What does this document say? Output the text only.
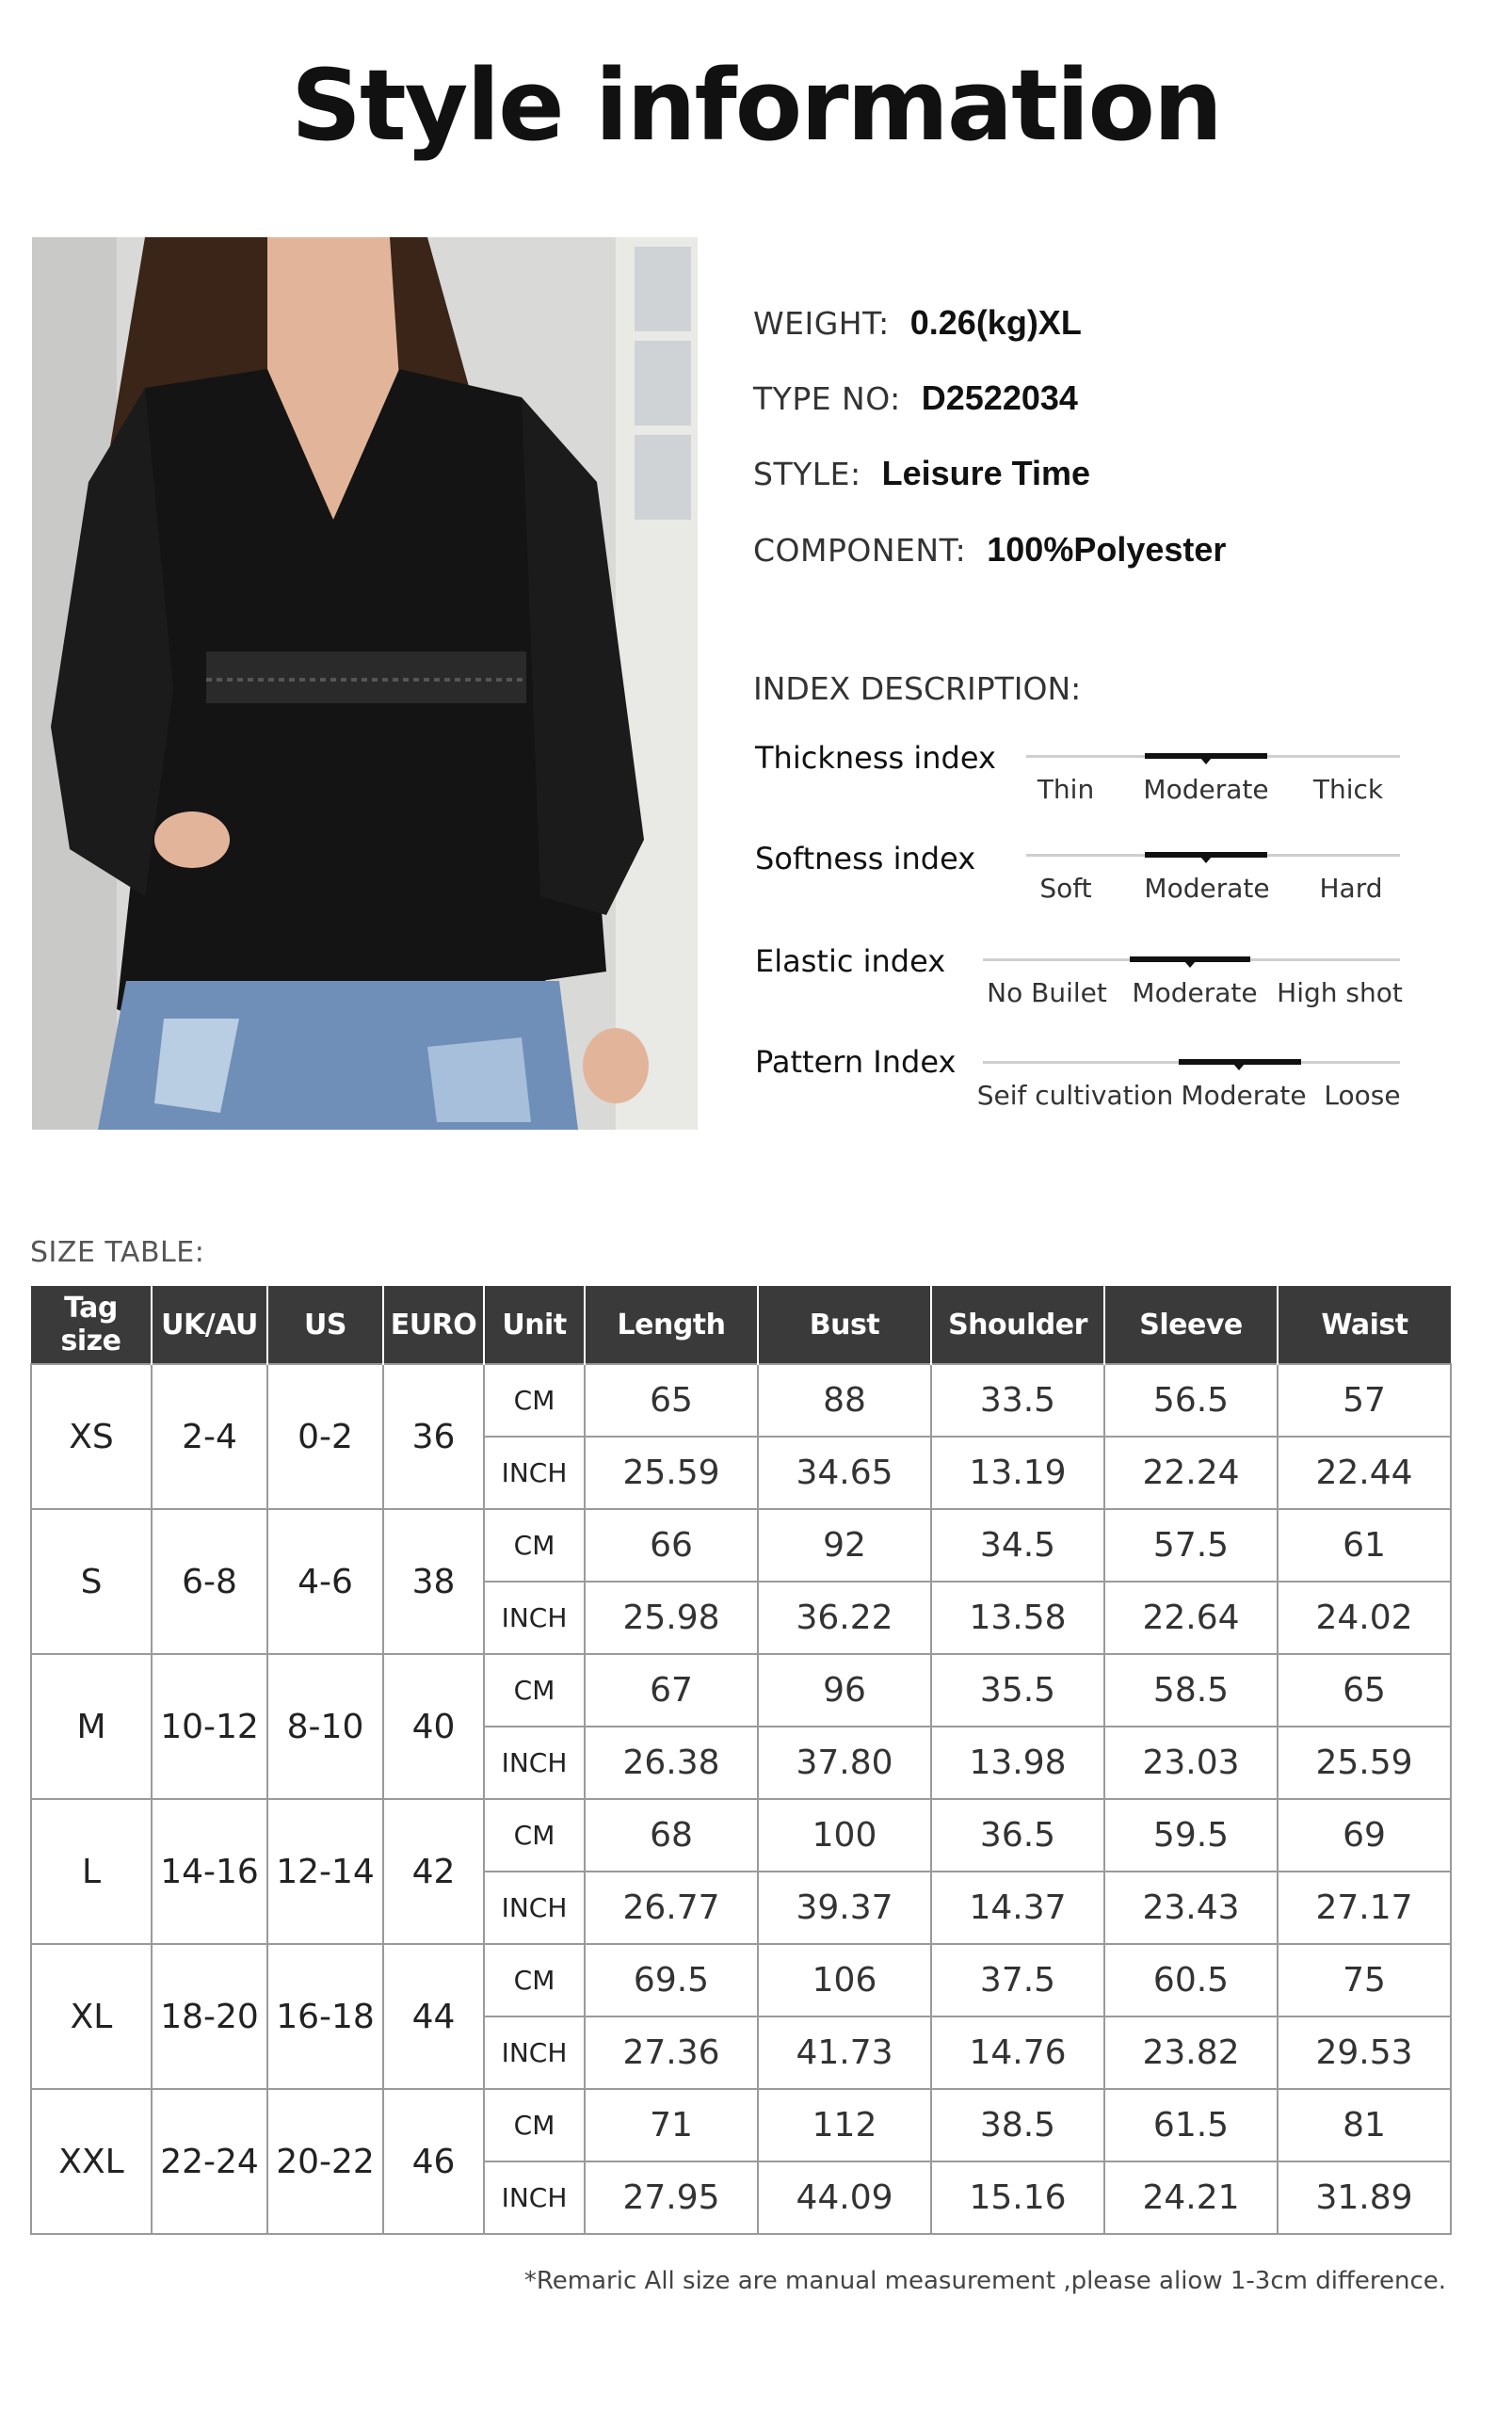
Style information
WEIGHT: 0.26(kg)XL
TYPE NO: D2522034
STYLE: Leisure Time
COMPONENT: 100%Polyester
INDEX DESCRIPTION:
Thickness index
Thin Moderate Thick
Softness index
Soft Moderate Hard
Elastic index
No Builet Moderate High shot
Pattern Index
Seif cultivation Moderate Loose
SIZE TABLE:
Tag size	UK/AU	US	EURO	Unit	Length	Bust	Shoulder	Sleeve	Waist
XS	2-4	0-2	36	CM	65	88	33.5	56.5	57
				INCH	25.59	34.65	13.19	22.24	22.44
S	6-8	4-6	38	CM	66	92	34.5	57.5	61
				INCH	25.98	36.22	13.58	22.64	24.02
M	10-12	8-10	40	CM	67	96	35.5	58.5	65
				INCH	26.38	37.80	13.98	23.03	25.59
L	14-16	12-14	42	CM	68	100	36.5	59.5	69
				INCH	26.77	39.37	14.37	23.43	27.17
XL	18-20	16-18	44	CM	69.5	106	37.5	60.5	75
				INCH	27.36	41.73	14.76	23.82	29.53
XXL	22-24	20-22	46	CM	71	112	38.5	61.5	81
				INCH	27.95	44.09	15.16	24.21	31.89
*Remaric All size are manual measurement ,please aliow 1-3cm difference.
